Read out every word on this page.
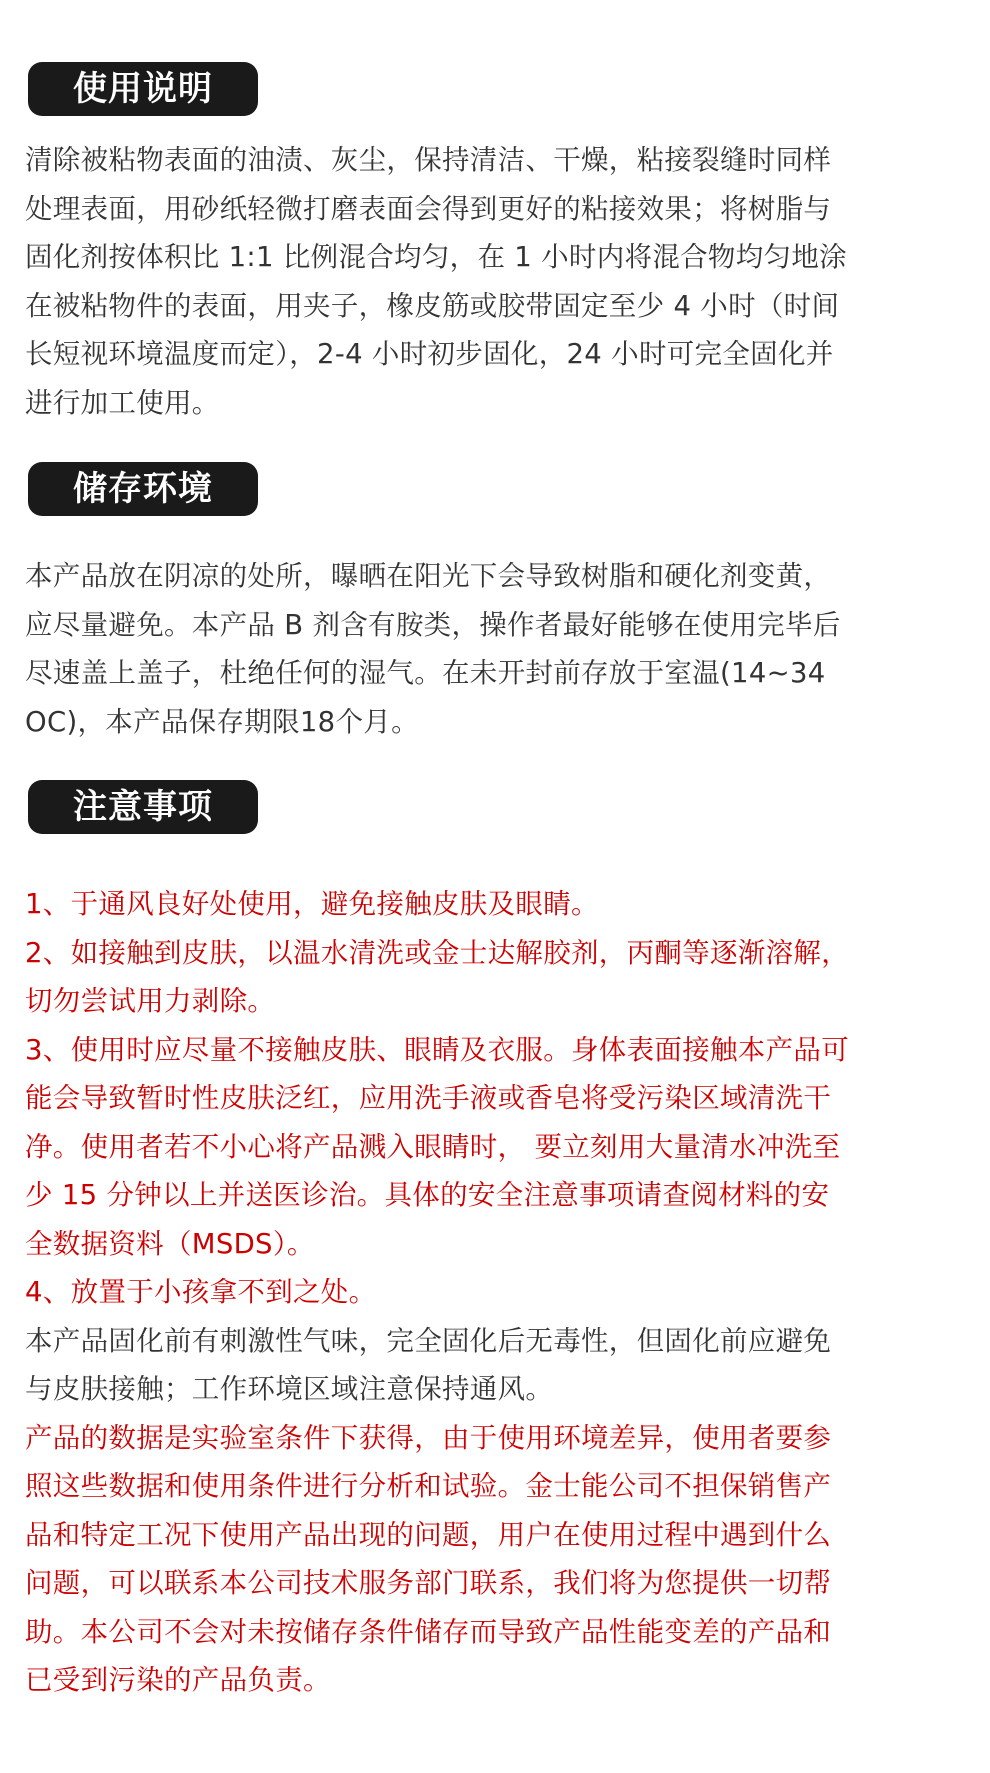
使用说明
清除被粘物表面的油渍、灰尘，保持清洁、干燥，粘接裂缝时同样
处理表面，用砂纸轻微打磨表面会得到更好的粘接效果；将树脂与
固化剂按体积比 1:1 比例混合均匀，在 1 小时内将混合物均匀地涂
在被粘物件的表面，用夹子，橡皮筋或胶带固定至少 4 小时（时间
长短视环境温度而定），2-4 小时初步固化，24 小时可完全固化并
进行加工使用。
储存环境
本产品放在阴凉的处所，曝晒在阳光下会导致树脂和硬化剂变黄，
应尽量避免。本产品 B 剂含有胺类，操作者最好能够在使用完毕后
尽速盖上盖子，杜绝任何的湿气。在未开封前存放于室温(14~34
OC)，本产品保存期限18个月。
注意事项
1、于通风良好处使用，避免接触皮肤及眼睛。
2、如接触到皮肤，以温水清洗或金士达解胶剂，丙酮等逐渐溶解，
切勿尝试用力剥除。
3、使用时应尽量不接触皮肤、眼睛及衣服。身体表面接触本产品可
能会导致暂时性皮肤泛红，应用洗手液或香皂将受污染区域清洗干
净。使用者若不小心将产品溅入眼睛时， 要立刻用大量清水冲洗至
少 15 分钟以上并送医诊治。具体的安全注意事项请查阅材料的安
全数据资料（MSDS）。
4、放置于小孩拿不到之处。
本产品固化前有刺激性气味，完全固化后无毒性，但固化前应避免
与皮肤接触；工作环境区域注意保持通风。
产品的数据是实验室条件下获得，由于使用环境差异，使用者要参
照这些数据和使用条件进行分析和试验。金士能公司不担保销售产
品和特定工况下使用产品出现的问题，用户在使用过程中遇到什么
问题，可以联系本公司技术服务部门联系，我们将为您提供一切帮
助。本公司不会对未按储存条件储存而导致产品性能变差的产品和
已受到污染的产品负责。
